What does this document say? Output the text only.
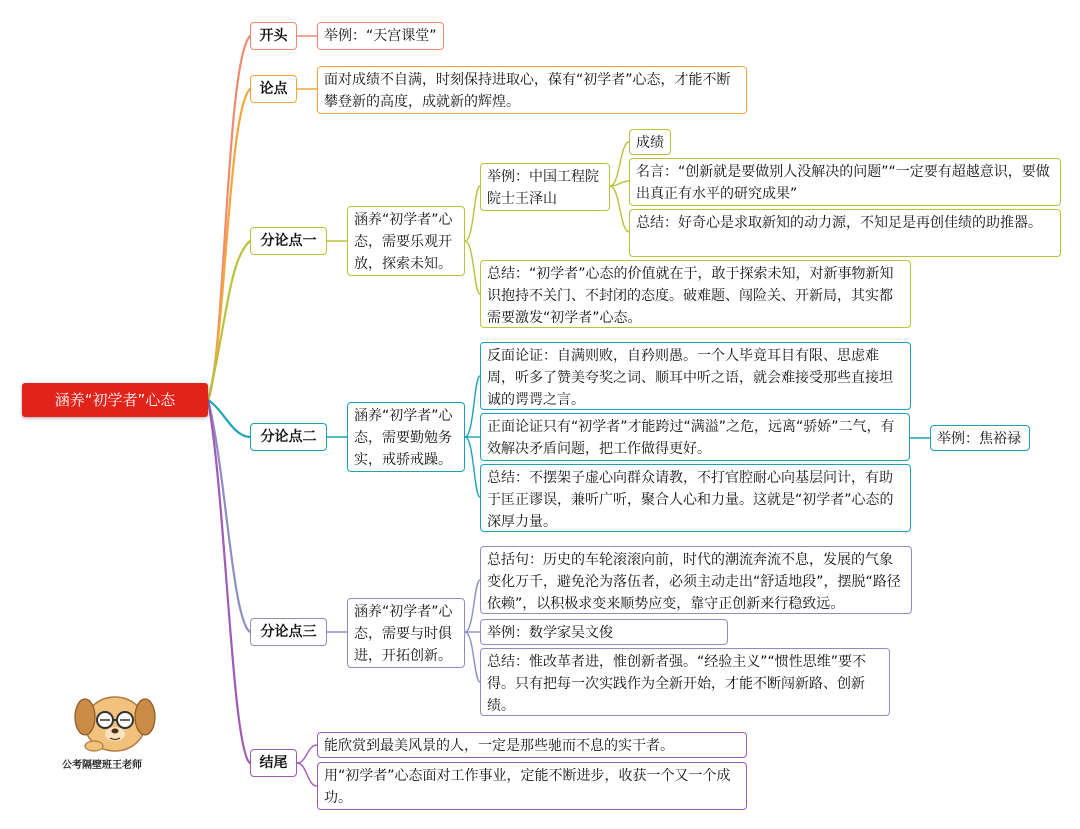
涵养“初学者”心态
开头	举例：“天宫课堂”
论点
面对成绩不自满，时刻保持进取心，葆有“初学者”心态，才能不断攀登新的高度，成就新的辉煌。
分论点一
涵养“初学者”心态，需要乐观开放，探索未知。
举例：中国工程院院士王泽山
成绩
名言：“创新就是要做别人没解决的问题”“一定要有超越意识，要做出真正有水平的研究成果”
总结：好奇心是求取新知的动力源，不知足是再创佳绩的助推器。
总结：“初学者”心态的价值就在于，敢于探索未知，对新事物新知识抱持不关门、不封闭的态度。破难题、闯险关、开新局，其实都需要激发“初学者”心态。
分论点二
涵养“初学者”心态，需要勤勉务实，戒骄戒躁。
反面论证：自满则败，自矜则愚。一个人毕竟耳目有限、思虑难周，听多了赞美夸奖之词、顺耳中听之语，就会难接受那些直接坦诚的谔谔之言。
正面论证只有“初学者”才能跨过“满溢”之危，远离“骄娇”二气，有效解决矛盾问题，把工作做得更好。
举例：焦裕禄
总结：不摆架子虚心向群众请教，不打官腔耐心向基层问计，有助于匡正谬误，兼听广听，聚合人心和力量。这就是“初学者”心态的深厚力量。
分论点三
涵养“初学者”心态，需要与时俱进，开拓创新。
总括句：历史的车轮滚滚向前，时代的潮流奔流不息，发展的气象变化万千，避免沦为落伍者，必须主动走出“舒适地段”，摆脱“路径依赖”，以积极求变来顺势应变，靠守正创新来行稳致远。
举例：数学家吴文俊
总结：惟改革者进，惟创新者强。“经验主义”“惯性思维”要不得。只有把每一次实践作为全新开始，才能不断闯新路、创新绩。
结尾
能欣赏到最美风景的人，一定是那些驰而不息的实干者。
用“初学者”心态面对工作事业，定能不断进步，收获一个又一个成功。
公考隔壁班王老师
